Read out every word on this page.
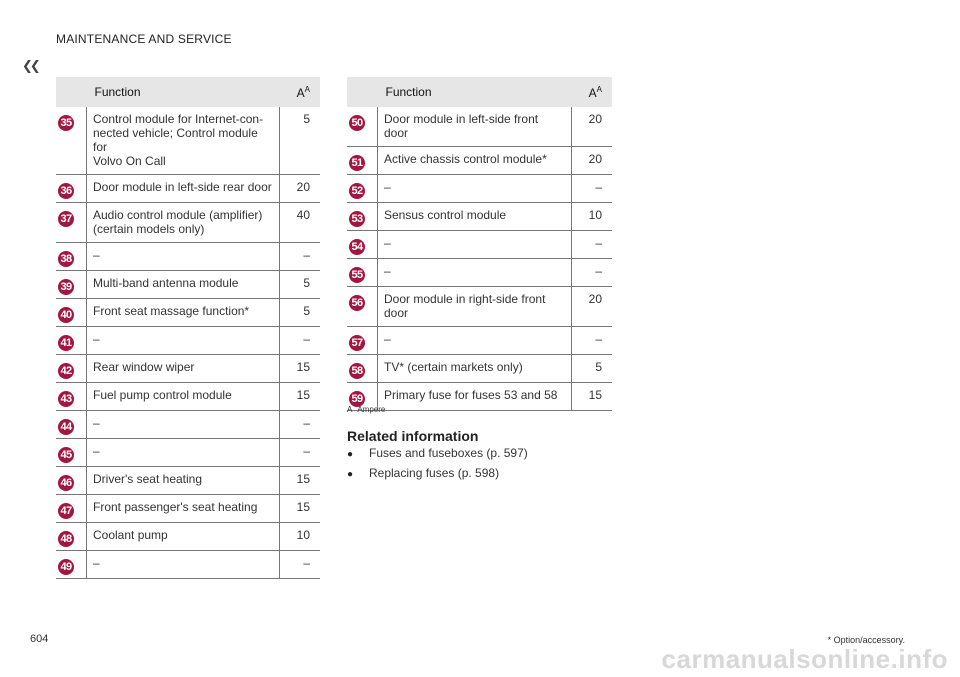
MAINTENANCE AND SERVICE
❮❮
	Function	$A^A$
35	Control module for Internet-con-
nected vehicle; Control module for
Volvo On Call	5
36	Door module in left-side rear door	20
37	Audio control module (amplifier)
(certain models only)	40
38	–	–
39	Multi-band antenna module	5
40	Front seat massage function*	5
41	–	–
42	Rear window wiper	15
43	Fuel pump control module	15
44	–	–
45	–	–
46	Driver's seat heating	15
47	Front passenger's seat heating	15
48	Coolant pump	10
49	–	–
	Function	$A^A$
50	Door module in left-side front door	20
51	Active chassis control module*	20
52	–	–
53	Sensus control module	10
54	–	–
55	–	–
56	Door module in right-side front
door	20
57	–	–
58	TV* (certain markets only)	5
59	Primary fuse for fuses 53 and 58	15
A Ampere
Related information
● Fuses and fuseboxes (p. 597)
● Replacing fuses (p. 598)
* Option/accessory.
604
carmanualsonline.info
